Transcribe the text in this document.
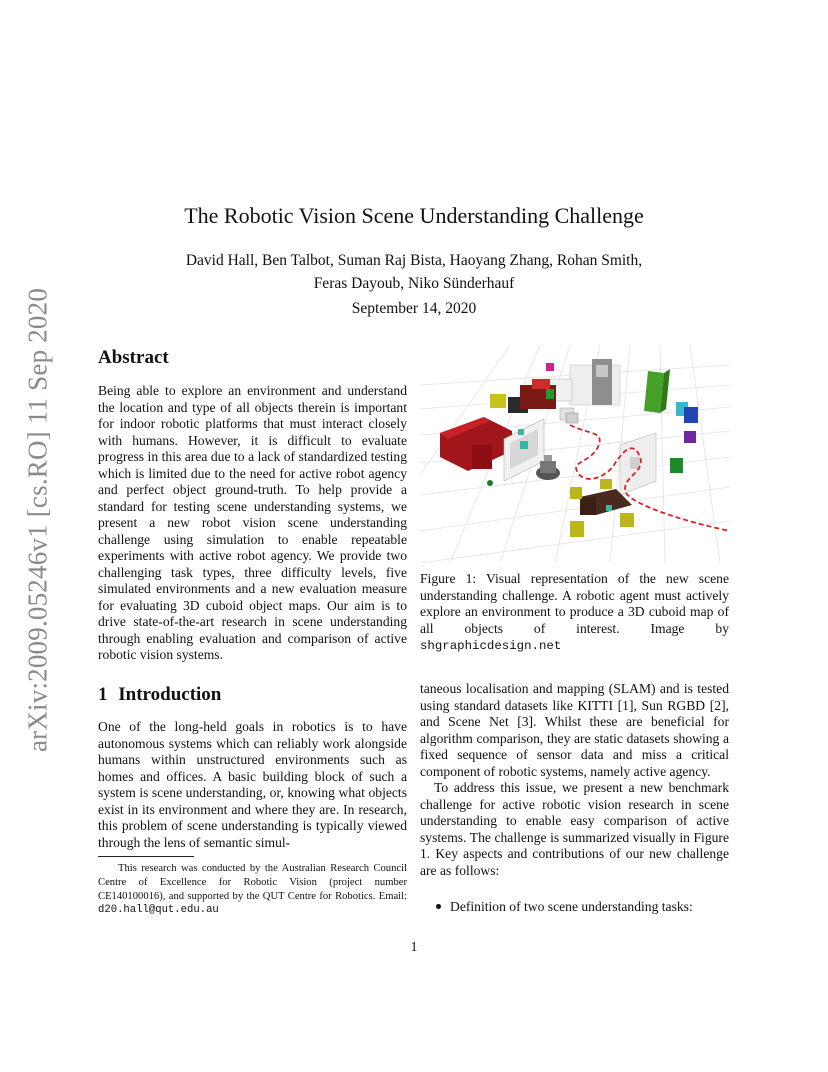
arXiv:2009.05246v1 [cs.RO] 11 Sep 2020
The Robotic Vision Scene Understanding Challenge
David Hall, Ben Talbot, Suman Raj Bista, Haoyang Zhang, Rohan Smith,
Feras Dayoub, Niko Sünderhauf
September 14, 2020
Abstract

Being able to explore an environment and understand the location and type of all objects therein is important for indoor robotic platforms that must interact closely with humans. However, it is difficult to evaluate progress in this area due to a lack of standardized testing which is limited due to the need for active robot agency and perfect object ground-truth. To help provide a standard for testing scene understanding systems, we present a new robot vision scene understanding challenge using simulation to enable repeatable experiments with active robot agency. We provide two challenging task types, three difficulty levels, five simulated environments and a new evaluation measure for evaluating 3D cuboid object maps. Our aim is to drive state-of-the-art research in scene understanding through enabling evaluation and comparison of active robotic vision systems.

1 Introduction

One of the long-held goals in robotics is to have autonomous systems which can reliably work alongside humans within unstructured environments such as homes and offices. A basic building block of such a system is scene understanding, or, knowing what objects exist in its environment and where they are. In research, this problem of scene understanding is typically viewed through the lens of semantic simul-

This research was conducted by the Australian Research Council Centre of Excellence for Robotic Vision (project number CE140100016), and supported by the QUT Centre for Robotics. Email: d20.hall@qut.edu.au

Figure 1: Visual representation of the new scene understanding challenge. A robotic agent must actively explore an environment to produce a 3D cuboid map of all objects of interest. Image by shgraphicdesign.net

taneous localisation and mapping (SLAM) and is tested using standard datasets like KITTI [1], Sun RGBD [2], and Scene Net [3]. Whilst these are beneficial for algorithm comparison, they are static datasets showing a fixed sequence of sensor data and miss a critical component of robotic systems, namely active agency.

To address this issue, we present a new benchmark challenge for active robotic vision research in scene understanding to enable easy comparison of active systems. The challenge is summarized visually in Figure 1. Key aspects and contributions of our new challenge are as follows:

Definition of two scene understanding tasks:
1
